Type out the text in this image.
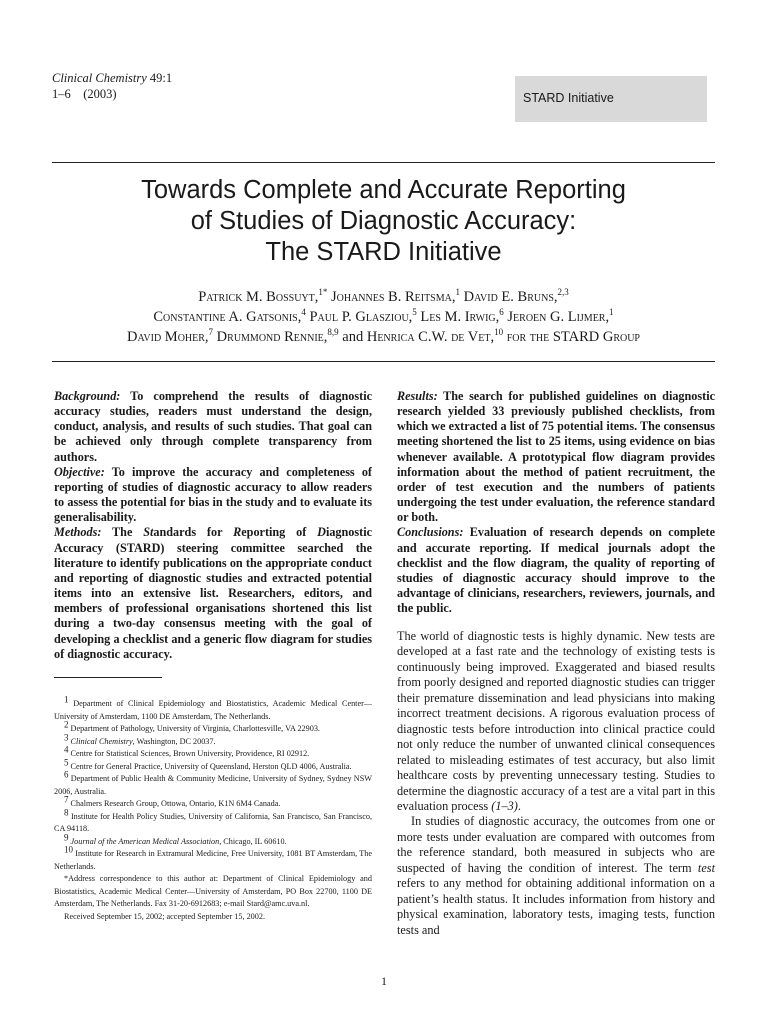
Clinical Chemistry 49:1
1–6 (2003)	STARD Initiative
Towards Complete and Accurate Reporting
of Studies of Diagnostic Accuracy:
The STARD Initiative
Patrick M. Bossuyt,$^{1*}$ Johannes B. Reitsma,$^1$ David E. Bruns,$^{2,3}$
Constantine A. Gatsonis,$^4$ Paul P. Glasziou,$^5$ Les M. Irwig,$^6$ Jeroen G. Lijmer,$^1$
David Moher,$^7$ Drummond Rennie,$^{8,9}$ and Henrica C.W. de Vet,$^{10}$ for the STARD Group

Background: To comprehend the results of diagnostic accuracy studies, readers must understand the design, conduct, analysis, and results of such studies. That goal can be achieved only through complete transparency from authors.

Objective: To improve the accuracy and completeness of reporting of studies of diagnostic accuracy to allow readers to assess the potential for bias in the study and to evaluate its generalisability.

Methods: The Standards for Reporting of Diagnostic Accuracy (STARD) steering committee searched the literature to identify publications on the appropriate conduct and reporting of diagnostic studies and extracted potential items into an extensive list. Researchers, editors, and members of professional organisations shortened this list during a two-day consensus meeting with the goal of developing a checklist and a generic flow diagram for studies of diagnostic accuracy.

Results: The search for published guidelines on diagnostic research yielded 33 previously published checklists, from which we extracted a list of 75 potential items. The consensus meeting shortened the list to 25 items, using evidence on bias whenever available. A prototypical flow diagram provides information about the method of patient recruitment, the order of test execution and the numbers of patients undergoing the test under evaluation, the reference standard or both.

Conclusions: Evaluation of research depends on complete and accurate reporting. If medical journals adopt the checklist and the flow diagram, the quality of reporting of studies of diagnostic accuracy should improve to the advantage of clinicians, researchers, reviewers, journals, and the public.

$^1$ Department of Clinical Epidemiology and Biostatistics, Academic Medical Center—University of Amsterdam, 1100 DE Amsterdam, The Netherlands.

$^2$ Department of Pathology, University of Virginia, Charlottesville, VA 22903.

$^3$ Clinical Chemistry, Washington, DC 20037.

$^4$ Centre for Statistical Sciences, Brown University, Providence, RI 02912.

$^5$ Centre for General Practice, University of Queensland, Herston QLD 4006, Australia.

$^6$ Department of Public Health & Community Medicine, University of Sydney, Sydney NSW 2006, Australia.

$^7$ Chalmers Research Group, Ottowa, Ontario, K1N 6M4 Canada.

$^8$ Institute for Health Policy Studies, University of California, San Francisco, San Francisco, CA 94118.

$^9$ Journal of the American Medical Association, Chicago, IL 60610.

$^{10}$ Institute for Research in Extramural Medicine, Free University, 1081 BT Amsterdam, The Netherlands.

*Address correspondence to this author at: Department of Clinical Epidemiology and Biostatistics, Academic Medical Center—University of Amsterdam, PO Box 22700, 1100 DE Amsterdam, The Netherlands. Fax 31-20-6912683; e-mail Stard@amc.uva.nl.

Received September 15, 2002; accepted September 15, 2002.

The world of diagnostic tests is highly dynamic. New tests are developed at a fast rate and the technology of existing tests is continuously being improved. Exaggerated and biased results from poorly designed and reported diagnostic studies can trigger their premature dissemination and lead physicians into making incorrect treatment decisions. A rigorous evaluation process of diagnostic tests before introduction into clinical practice could not only reduce the number of unwanted clinical consequences related to misleading estimates of test accuracy, but also limit healthcare costs by preventing unnecessary testing. Studies to determine the diagnostic accuracy of a test are a vital part in this evaluation process (1–3).

In studies of diagnostic accuracy, the outcomes from one or more tests under evaluation are compared with outcomes from the reference standard, both measured in subjects who are suspected of having the condition of interest. The term test refers to any method for obtaining additional information on a patient’s health status. It includes information from history and physical examination, laboratory tests, imaging tests, function tests and

1
